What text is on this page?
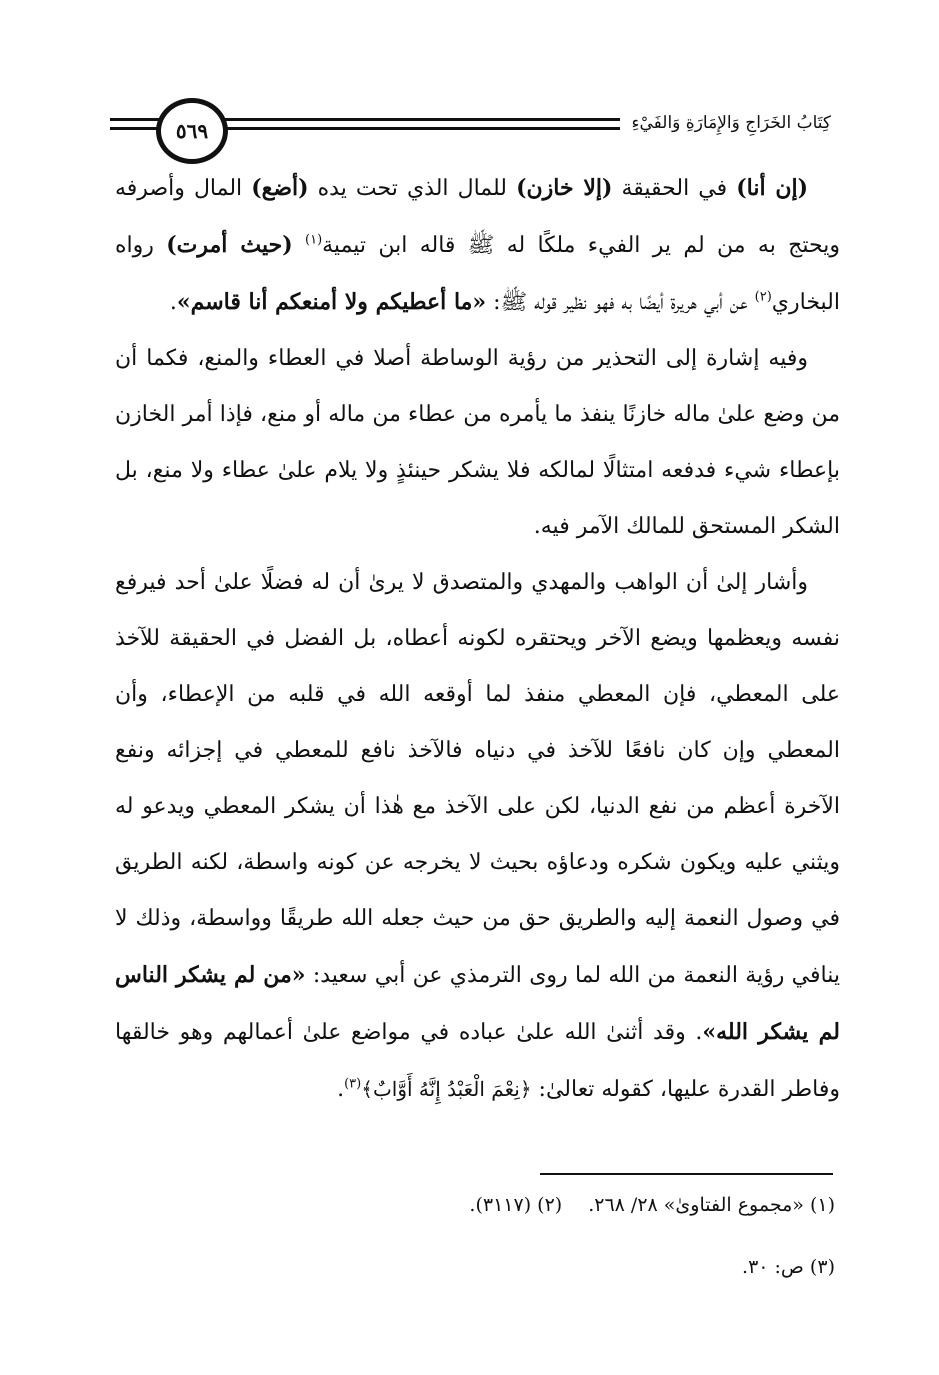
كِتَابُ الخَرَاجِ وَالإِمَارَةِ وَالفَيْءِ
٥٦٩

(إن أنا) في الحقيقة (إلا خازن) للمال الذي تحت يده (أضع) المال وأصرفه ويحتج به من لم ير الفيء ملكًا له ﷺ قاله ابن تيمية$^{(١)}$ (حيث أمرت) رواه البخاري$^{(٢)}$ عن أبي هريرة أيضًا به فهو نظير قوله ﷺ: «ما أعطيكم ولا أمنعكم أنا قاسم».

وفيه إشارة إلى التحذير من رؤية الوساطة أصلا في العطاء والمنع، فكما أن من وضع علىٰ ماله خازنًا ينفذ ما يأمره من عطاء من ماله أو منع، فإذا أمر الخازن بإعطاء شيء فدفعه امتثالًا لمالكه فلا يشكر حينئذٍ ولا يلام علىٰ عطاء ولا منع، بل الشكر المستحق للمالك الآمر فيه.

وأشار إلىٰ أن الواهب والمهدي والمتصدق لا يرىٰ أن له فضلًا علىٰ أحد فيرفع نفسه ويعظمها ويضع الآخر ويحتقره لكونه أعطاه، بل الفضل في الحقيقة للآخذ على المعطي، فإن المعطي منفذ لما أوقعه الله في قلبه من الإعطاء، وأن المعطي وإن كان نافعًا للآخذ في دنياه فالآخذ نافع للمعطي في إجزائه ونفع الآخرة أعظم من نفع الدنيا، لكن على الآخذ مع هٰذا أن يشكر المعطي ويدعو له ويثني عليه ويكون شكره ودعاؤه بحيث لا يخرجه عن كونه واسطة، لكنه الطريق في وصول النعمة إليه والطريق حق من حيث جعله الله طريقًا وواسطة، وذلك لا ينافي رؤية النعمة من الله لما روى الترمذي عن أبي سعيد: «من لم يشكر الناس لم يشكر الله». وقد أثنىٰ الله علىٰ عباده في مواضع علىٰ أعمالهم وهو خالقها وفاطر القدرة عليها، كقوله تعالىٰ: ﴿نِعْمَ الْعَبْدُ إِنَّهُ أَوَّابٌ﴾$^{(٣)}$.

(١) «مجموع الفتاوىٰ» ٢٨/ ٢٦٨.(٢) (٣١١٧).
(٣) ص: ٣٠.
